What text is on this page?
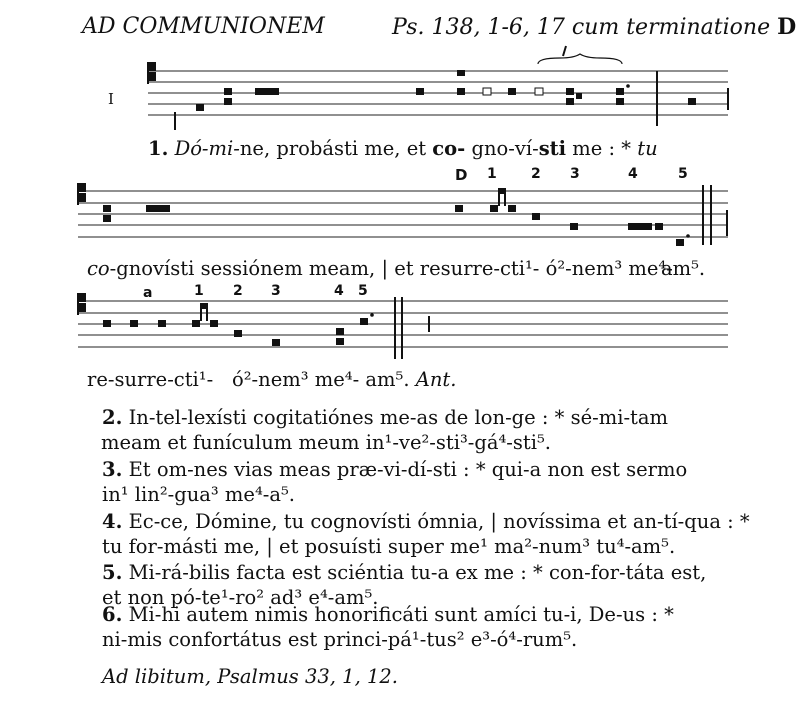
AD COMMUNIONEM	Ps. 138, 1-6, 17 cum terminatione D
I
1. Dó-mi-ne, probásti me, et co- gno-ví-sti me : * tu
D 1 2 3	4	5
co-gnovísti sessiónem meam, | et resurre-cti¹- ó²-nem³ me⁴-
am⁵.
a	1 2 3	4 5
re-surre-cti¹- ó²-nem³ me⁴- am⁵. Ant.
2. In-tel-lexísti cogitatiónes me-as de lon-ge : * sé-mi-tam
meam et funículum meum in¹-ve²-sti³-gá⁴-sti⁵.
3. Et om-nes vias meas præ-vi-dí-sti : * qui-a non est sermo
in¹ lin²-gua³ me⁴-a⁵.
4. Ec-ce, Dómine, tu cognovísti ómnia, | novíssima et an-tí-qua : *
tu for-másti me, | et posuísti super me¹ ma²-num³ tu⁴-am⁵.
5. Mi-rá-bilis facta est sciéntia tu-a ex me : * con-for-táta est,
et non pó-te¹-ro² ad³ e⁴-am⁵.
6. Mi-hi autem nimis honorificáti sunt amíci tu-i, De-us : *
ni-mis confortátus est princi-pá¹-tus² e³-ó⁴-rum⁵.
Ad libitum, Psalmus 33, 1, 12.
